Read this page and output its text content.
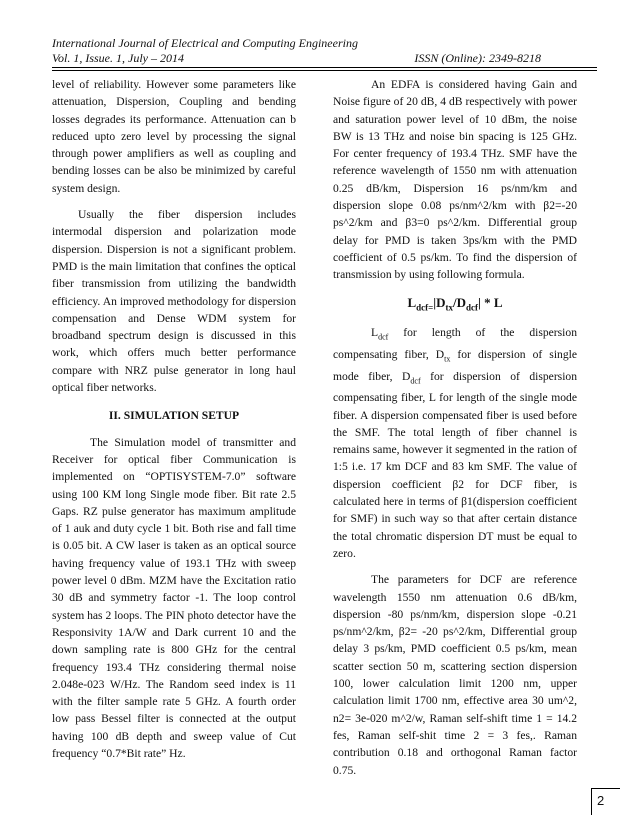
International Journal of Electrical and Computing Engineering
Vol. 1, Issue. 1, July – 2014	ISSN (Online): 2349-8218

level of reliability. However some parameters like attenuation, Dispersion, Coupling and bending losses degrades its performance. Attenuation can b reduced upto zero level by processing the signal through power amplifiers as well as coupling and bending losses can be also be minimized by careful system design.

Usually the fiber dispersion includes intermodal dispersion and polarization mode dispersion. Dispersion is not a significant problem. PMD is the main limitation that confines the optical fiber transmission from utilizing the bandwidth efficiency. An improved methodology for dispersion compensation and Dense WDM system for broadband spectrum design is discussed in this work, which offers much better performance compare with NRZ pulse generator in long haul optical fiber networks.

II. SIMULATION SETUP

The Simulation model of transmitter and Receiver for optical fiber Communication is implemented on “OPTISYSTEM-7.0” software using 100 KM long Single mode fiber. Bit rate 2.5 Gaps. RZ pulse generator has maximum amplitude of 1 auk and duty cycle 1 bit. Both rise and fall time is 0.05 bit. A CW laser is taken as an optical source having frequency value of 193.1 THz with sweep power level 0 dBm. MZM have the Excitation ratio 30 dB and symmetry factor -1. The loop control system has 2 loops. The PIN photo detector have the Responsivity 1A/W and Dark current 10 and the down sampling rate is 800 GHz for the central frequency 193.4 THz considering thermal noise 2.048e-023 W/Hz. The Random seed index is 11 with the filter sample rate 5 GHz. A fourth order low pass Bessel filter is connected at the output having 100 dB depth and sweep value of Cut frequency “0.7*Bit rate” Hz.

An EDFA is considered having Gain and Noise figure of 20 dB, 4 dB respectively with power and saturation power level of 10 dBm, the noise BW is 13 THz and noise bin spacing is 125 GHz. For center frequency of 193.4 THz. SMF have the reference wavelength of 1550 nm with attenuation 0.25 dB/km, Dispersion 16 ps/nm/km and dispersion slope 0.08 ps/nm^2/km with β2=-20 ps^2/km and β3=0 ps^2/km. Differential group delay for PMD is taken 3ps/km with the PMD coefficient of 0.5 ps/km. To find the dispersion of transmission by using following formula.

$L_{dcf=}|D_{tx}/D_{dcf}|$ * L

$L_{dcf}$ for length of the dispersion compensating fiber, $D_{tx}$ for dispersion of single mode fiber, $D_{dcf}$ for dispersion of dispersion compensating fiber, L for length of the single mode fiber. A dispersion compensated fiber is used before the SMF. The total length of fiber channel is remains same, however it segmented in the ration of 1:5 i.e. 17 km DCF and 83 km SMF. The value of dispersion coefficient β2 for DCF fiber, is calculated here in terms of β1(dispersion coefficient for SMF) in such way so that after certain distance the total chromatic dispersion DT must be equal to zero.

The parameters for DCF are reference wavelength 1550 nm attenuation 0.6 dB/km, dispersion -80 ps/nm/km, dispersion slope -0.21 ps/nm^2/km, β2= -20 ps^2/km, Differential group delay 3 ps/km, PMD coefficient 0.5 ps/km, mean scatter section 50 m, scattering section dispersion 100, lower calculation limit 1200 nm, upper calculation limit 1700 nm, effective area 30 um^2, n2= 3e-020 m^2/w, Raman self-shift time 1 = 14.2 fes, Raman self-shit time 2 = 3 fes,. Raman contribution 0.18 and orthogonal Raman factor 0.75.

2
